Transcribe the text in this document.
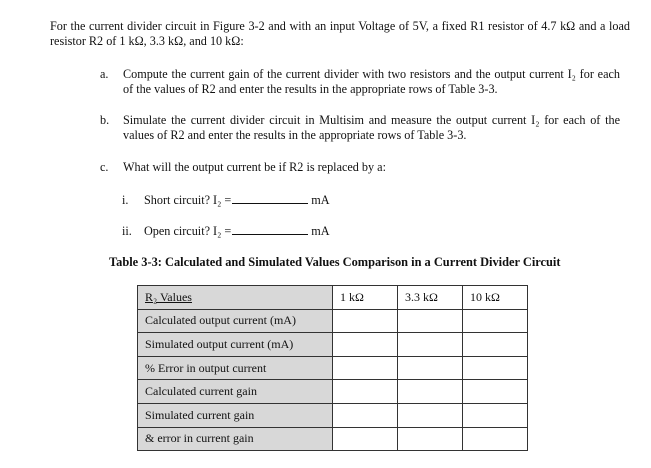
For the current divider circuit in Figure 3-2 and with an input Voltage of 5V, a fixed R1 resistor of 4.7 kΩ and a load resistor R2 of 1 kΩ, 3.3 kΩ, and 10 kΩ:
a.	Compute the current gain of the current divider with two resistors and the output current I₂ for each of the values of R2 and enter the results in the appropriate rows of Table 3-3.
b.	Simulate the current divider circuit in Multisim and measure the output current I₂ for each of the values of R2 and enter the results in the appropriate rows of Table 3-3.
c.	What will the output current be if R2 is replaced by a:
i. Short circuit? I₂ =	mA
ii. Open circuit? I₂ =	mA
Table 3-3: Calculated and Simulated Values Comparison in a Current Divider Circuit
R₂ Values	1 kΩ	3.3 kΩ	10 kΩ
Calculated output current (mA)			
Simulated output current (mA)			
% Error in output current			
Calculated current gain			
Simulated current gain			
& error in current gain			
